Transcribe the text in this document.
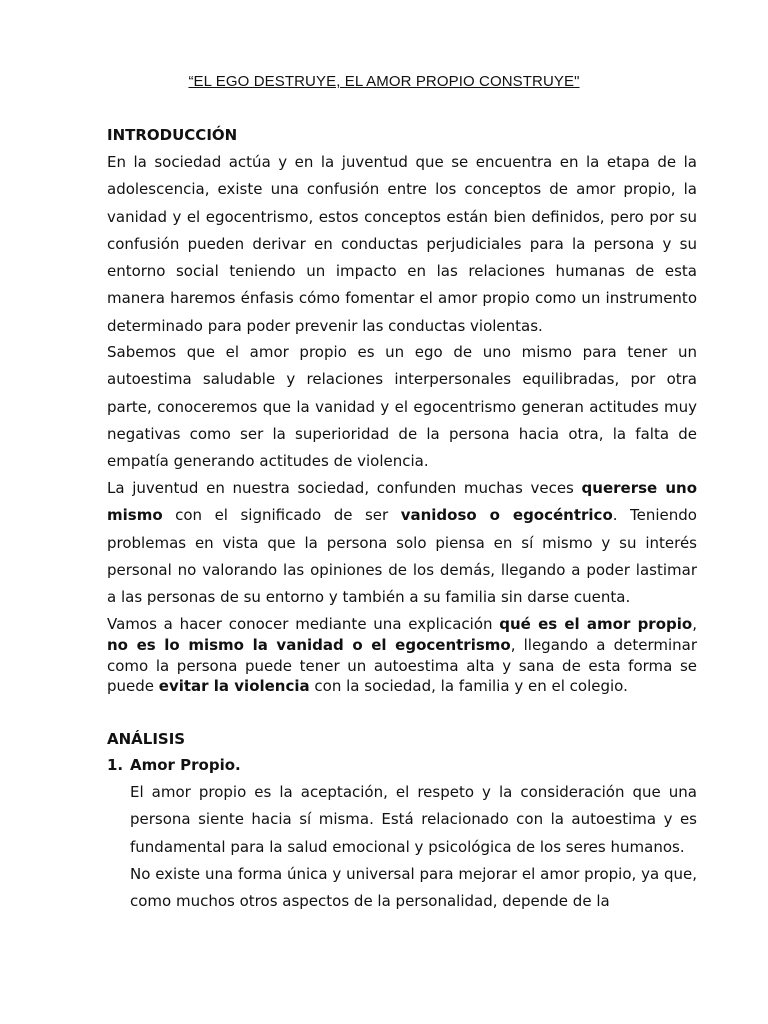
“EL EGO DESTRUYE, EL AMOR PROPIO CONSTRUYE"
INTRODUCCIÓN

En la sociedad actúa y en la juventud que se encuentra en la etapa de la adolescencia, existe una confusión entre los conceptos de amor propio, la vanidad y el egocentrismo, estos conceptos están bien definidos, pero por su confusión pueden derivar en conductas perjudiciales para la persona y su entorno social teniendo un impacto en las relaciones humanas de esta manera haremos énfasis cómo fomentar el amor propio como un instrumento determinado para poder prevenir las conductas violentas.

Sabemos que el amor propio es un ego de uno mismo para tener un autoestima saludable y relaciones interpersonales equilibradas, por otra parte, conoceremos que la vanidad y el egocentrismo generan actitudes muy negativas como ser la superioridad de la persona hacia otra, la falta de empatía generando actitudes de violencia.

La juventud en nuestra sociedad, confunden muchas veces quererse uno mismo con el significado de ser vanidoso o egocéntrico. Teniendo problemas en vista que la persona solo piensa en sí mismo y su interés personal no valorando las opiniones de los demás, llegando a poder lastimar a las personas de su entorno y también a su familia sin darse cuenta.

Vamos a hacer conocer mediante una explicación qué es el amor propio, no es lo mismo la vanidad o el egocentrismo, llegando a determinar como la persona puede tener un autoestima alta y sana de esta forma se puede evitar la violencia con la sociedad, la familia y en el colegio.

ANÁLISIS
1. Amor Propio.

El amor propio es la aceptación, el respeto y la consideración que una persona siente hacia sí misma. Está relacionado con la autoestima y es fundamental para la salud emocional y psicológica de los seres humanos.

No existe una forma única y universal para mejorar el amor propio, ya que, como muchos otros aspectos de la personalidad, depende de la
